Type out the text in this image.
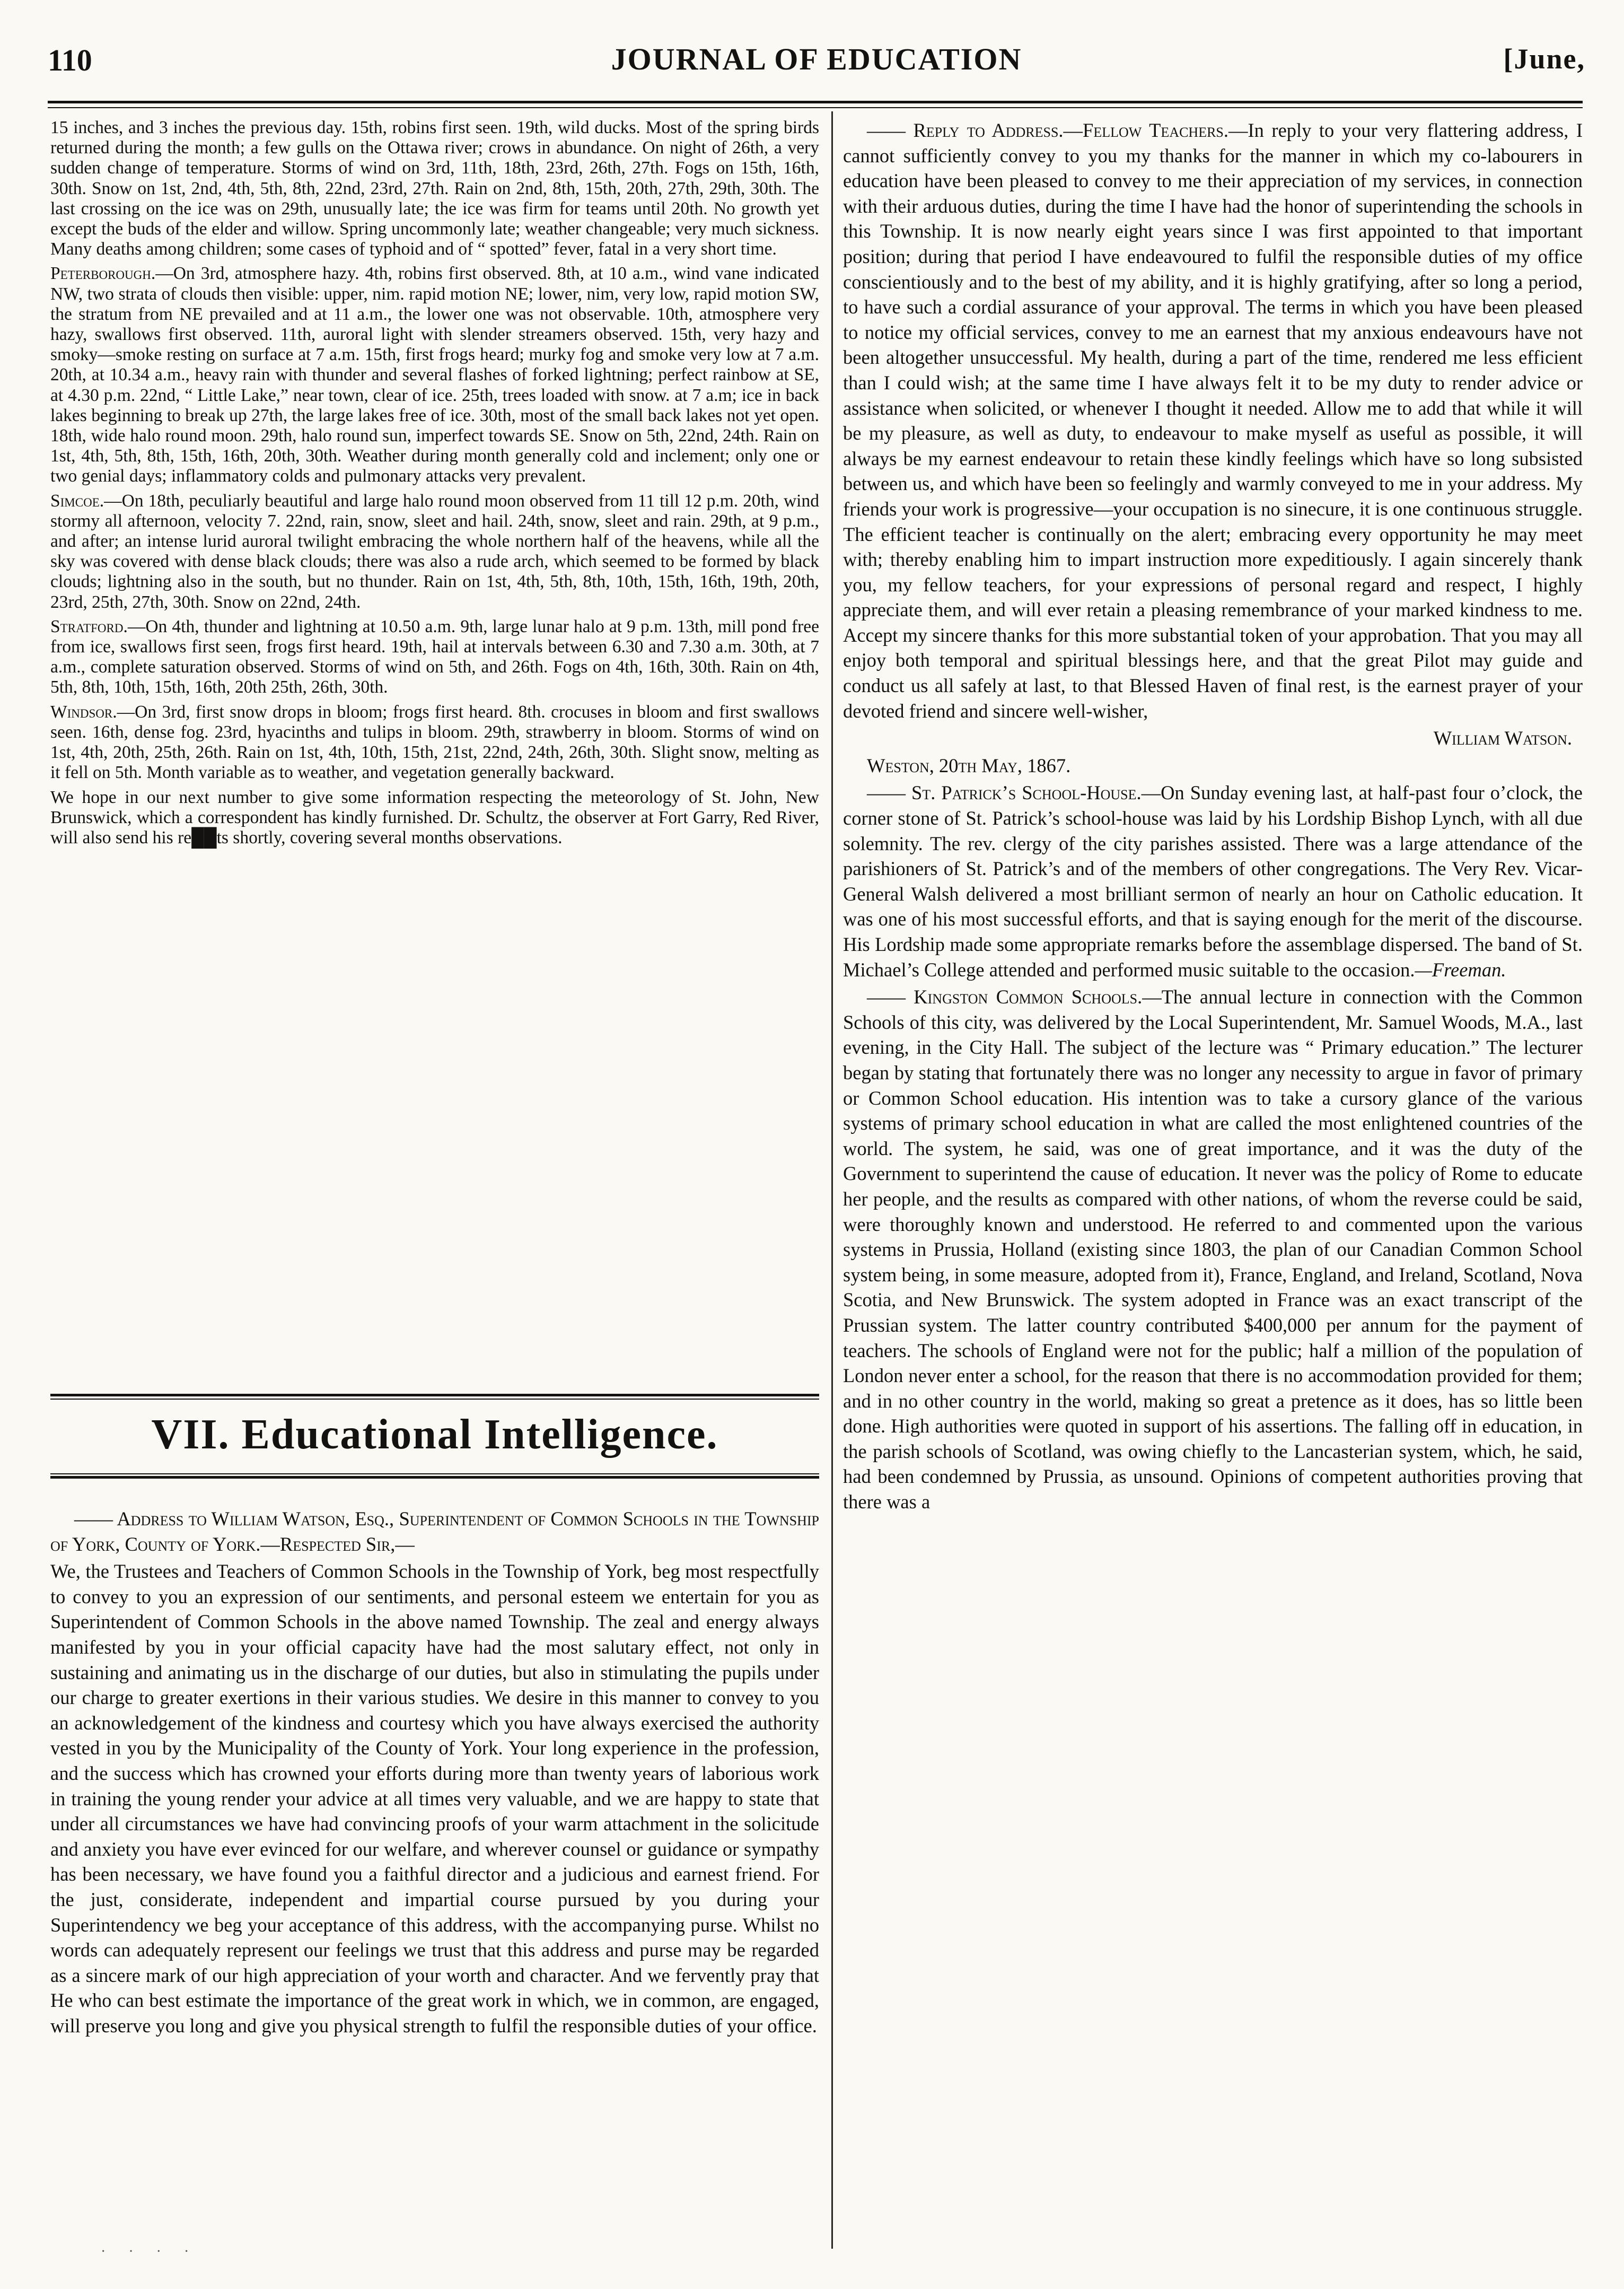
110	JOURNAL OF EDUCATION	[June,

15 inches, and 3 inches the previous day. 15th, robins first seen. 19th, wild ducks. Most of the spring birds returned during the month; a few gulls on the Ottawa river; crows in abundance. On night of 26th, a very sudden change of temperature. Storms of wind on 3rd, 11th, 18th, 23rd, 26th, 27th. Fogs on 15th, 16th, 30th. Snow on 1st, 2nd, 4th, 5th, 8th, 22nd, 23rd, 27th. Rain on 2nd, 8th, 15th, 20th, 27th, 29th, 30th. The last crossing on the ice was on 29th, unusually late; the ice was firm for teams until 20th. No growth yet except the buds of the elder and willow. Spring uncommonly late; weather changeable; very much sickness. Many deaths among children; some cases of typhoid and of “ spotted” fever, fatal in a very short time.

Peterborough.—On 3rd, atmosphere hazy. 4th, robins first observed. 8th, at 10 a.m., wind vane indicated NW, two strata of clouds then visible: upper, nim. rapid motion NE; lower, nim, very low, rapid motion SW, the stratum from NE prevailed and at 11 a.m., the lower one was not observable. 10th, atmosphere very hazy, swallows first observed. 11th, auroral light with slender streamers observed. 15th, very hazy and smoky—smoke resting on surface at 7 a.m. 15th, first frogs heard; murky fog and smoke very low at 7 a.m. 20th, at 10.34 a.m., heavy rain with thunder and several flashes of forked lightning; perfect rainbow at SE, at 4.30 p.m. 22nd, “ Little Lake,” near town, clear of ice. 25th, trees loaded with snow. at 7 a.m; ice in back lakes beginning to break up 27th, the large lakes free of ice. 30th, most of the small back lakes not yet open. 18th, wide halo round moon. 29th, halo round sun, imperfect towards SE. Snow on 5th, 22nd, 24th. Rain on 1st, 4th, 5th, 8th, 15th, 16th, 20th, 30th. Weather during month generally cold and inclement; only one or two genial days; inflammatory colds and pulmonary attacks very prevalent.

Simcoe.—On 18th, peculiarly beautiful and large halo round moon observed from 11 till 12 p.m. 20th, wind stormy all afternoon, velocity 7. 22nd, rain, snow, sleet and hail. 24th, snow, sleet and rain. 29th, at 9 p.m., and after; an intense lurid auroral twilight embracing the whole northern half of the heavens, while all the sky was covered with dense black clouds; there was also a rude arch, which seemed to be formed by black clouds; lightning also in the south, but no thunder. Rain on 1st, 4th, 5th, 8th, 10th, 15th, 16th, 19th, 20th, 23rd, 25th, 27th, 30th. Snow on 22nd, 24th.

Stratford.—On 4th, thunder and lightning at 10.50 a.m. 9th, large lunar halo at 9 p.m. 13th, mill pond free from ice, swallows first seen, frogs first heard. 19th, hail at intervals between 6.30 and 7.30 a.m. 30th, at 7 a.m., complete saturation observed. Storms of wind on 5th, and 26th. Fogs on 4th, 16th, 30th. Rain on 4th, 5th, 8th, 10th, 15th, 16th, 20th 25th, 26th, 30th.

Windsor.—On 3rd, first snow drops in bloom; frogs first heard. 8th. crocuses in bloom and first swallows seen. 16th, dense fog. 23rd, hyacinths and tulips in bloom. 29th, strawberry in bloom. Storms of wind on 1st, 4th, 20th, 25th, 26th. Rain on 1st, 4th, 10th, 15th, 21st, 22nd, 24th, 26th, 30th. Slight snow, melting as it fell on 5th. Month variable as to weather, and vegetation generally backward.

We hope in our next number to give some information respecting the meteorology of St. John, New Brunswick, which a correspondent has kindly furnished. Dr. Schultz, the observer at Fort Garry, Red River, will also send his re██ts shortly, covering several months observations.

VII. Educational Intelligence.

—— Address to William Watson, Esq., Superintendent of Common Schools in the Township of York, County of York.—Respected Sir,—

We, the Trustees and Teachers of Common Schools in the Township of York, beg most respectfully to convey to you an expression of our sentiments, and personal esteem we entertain for you as Superintendent of Common Schools in the above named Township. The zeal and energy always manifested by you in your official capacity have had the most salutary effect, not only in sustaining and animating us in the discharge of our duties, but also in stimulating the pupils under our charge to greater exertions in their various studies. We desire in this manner to convey to you an acknowledgement of the kindness and courtesy which you have always exercised the authority vested in you by the Municipality of the County of York. Your long experience in the profession, and the success which has crowned your efforts during more than twenty years of laborious work in training the young render your advice at all times very valuable, and we are happy to state that under all circumstances we have had convincing proofs of your warm attachment in the solicitude and anxiety you have ever evinced for our welfare, and wherever counsel or guidance or sympathy has been necessary, we have found you a faithful director and a judicious and earnest friend. For the just, considerate, independent and impartial course pursued by you during your Superintendency we beg your acceptance of this address, with the accompanying purse. Whilst no words can adequately represent our feelings we trust that this address and purse may be regarded as a sincere mark of our high appreciation of your worth and character. And we fervently pray that He who can best estimate the importance of the great work in which, we in common, are engaged, will preserve you long and give you physical strength to fulfil the responsible duties of your office.

—— Reply to Address.—Fellow Teachers.—In reply to your very flattering address, I cannot sufficiently convey to you my thanks for the manner in which my co-labourers in education have been pleased to convey to me their appreciation of my services, in connection with their arduous duties, during the time I have had the honor of superintending the schools in this Township. It is now nearly eight years since I was first appointed to that important position; during that period I have endeavoured to fulfil the responsible duties of my office conscientiously and to the best of my ability, and it is highly gratifying, after so long a period, to have such a cordial assurance of your approval. The terms in which you have been pleased to notice my official services, convey to me an earnest that my anxious endeavours have not been altogether unsuccessful. My health, during a part of the time, rendered me less efficient than I could wish; at the same time I have always felt it to be my duty to render advice or assistance when solicited, or whenever I thought it needed. Allow me to add that while it will be my pleasure, as well as duty, to endeavour to make myself as useful as possible, it will always be my earnest endeavour to retain these kindly feelings which have so long subsisted between us, and which have been so feelingly and warmly conveyed to me in your address. My friends your work is progressive—your occupation is no sinecure, it is one continuous struggle. The efficient teacher is continually on the alert; embracing every opportunity he may meet with; thereby enabling him to impart instruction more expeditiously. I again sincerely thank you, my fellow teachers, for your expressions of personal regard and respect, I highly appreciate them, and will ever retain a pleasing remembrance of your marked kindness to me. Accept my sincere thanks for this more substantial token of your approbation. That you may all enjoy both temporal and spiritual blessings here, and that the great Pilot may guide and conduct us all safely at last, to that Blessed Haven of final rest, is the earnest prayer of your devoted friend and sincere well-wisher,

William Watson.

Weston, 20th May, 1867.

—— St. Patrick’s School-House.—On Sunday evening last, at half-past four o’clock, the corner stone of St. Patrick’s school-house was laid by his Lordship Bishop Lynch, with all due solemnity. The rev. clergy of the city parishes assisted. There was a large attendance of the parishioners of St. Patrick’s and of the members of other congregations. The Very Rev. Vicar-General Walsh delivered a most brilliant sermon of nearly an hour on Catholic education. It was one of his most successful efforts, and that is saying enough for the merit of the discourse. His Lordship made some appropriate remarks before the assemblage dispersed. The band of St. Michael’s College attended and performed music suitable to the occasion.—Freeman.

—— Kingston Common Schools.—The annual lecture in connection with the Common Schools of this city, was delivered by the Local Superintendent, Mr. Samuel Woods, M.A., last evening, in the City Hall. The subject of the lecture was “ Primary education.” The lecturer began by stating that fortunately there was no longer any necessity to argue in favor of primary or Common School education. His intention was to take a cursory glance of the various systems of primary school education in what are called the most enlightened countries of the world. The system, he said, was one of great importance, and it was the duty of the Government to superintend the cause of education. It never was the policy of Rome to educate her people, and the results as compared with other nations, of whom the reverse could be said, were thoroughly known and understood. He referred to and commented upon the various systems in Prussia, Holland (existing since 1803, the plan of our Canadian Common School system being, in some measure, adopted from it), France, England, and Ireland, Scotland, Nova Scotia, and New Brunswick. The system adopted in France was an exact transcript of the Prussian system. The latter country contributed $400,000 per annum for the payment of teachers. The schools of England were not for the public; half a million of the population of London never enter a school, for the reason that there is no accommodation provided for them; and in no other country in the world, making so great a pretence as it does, has so little been done. High authorities were quoted in support of his assertions. The falling off in education, in the parish schools of Scotland, was owing chiefly to the Lancasterian system, which, he said, had been condemned by Prussia, as unsound. Opinions of competent authorities proving that there was a

· · · ·
